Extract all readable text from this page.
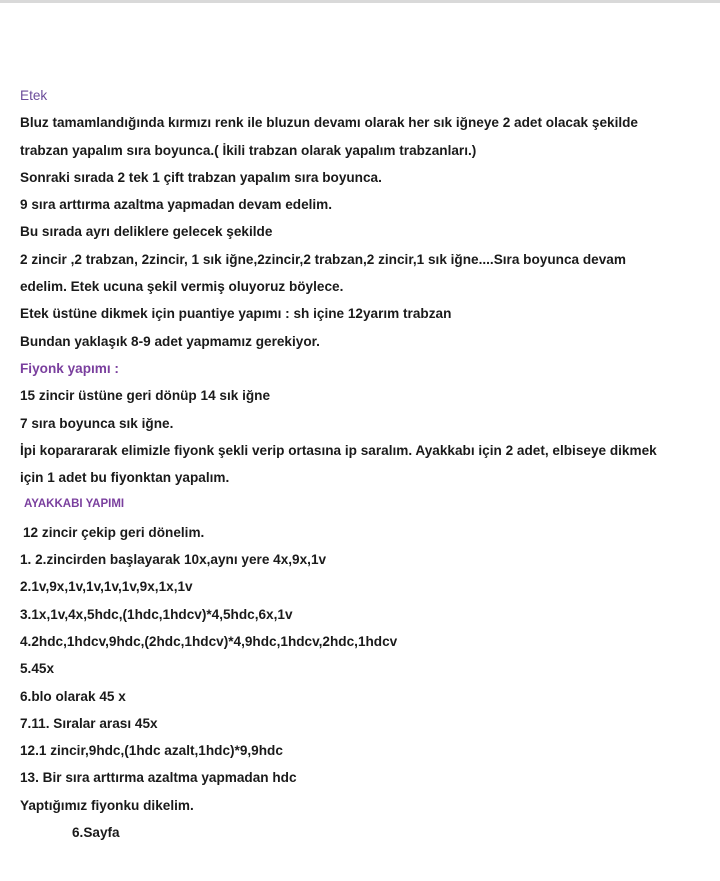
Etek
Bluz tamamlandığında kırmızı renk ile bluzun devamı olarak her sık iğneye 2 adet olacak şekilde
trabzan yapalım sıra boyunca.( İkili trabzan olarak yapalım trabzanları.)
Sonraki sırada 2 tek 1 çift trabzan yapalım sıra boyunca.
9 sıra arttırma azaltma yapmadan devam edelim.
Bu sırada ayrı deliklere gelecek şekilde
2 zincir ,2 trabzan, 2zincir, 1 sık iğne,2zincir,2 trabzan,2 zincir,1 sık iğne....Sıra boyunca devam
edelim. Etek ucuna şekil vermiş oluyoruz böylece.
Etek üstüne dikmek için puantiye yapımı : sh içine 12yarım trabzan
Bundan yaklaşık 8-9 adet yapmamız gerekiyor.
Fiyonk yapımı :
15 zincir üstüne geri dönüp 14 sık iğne
7 sıra boyunca sık iğne.
İpi koparararak elimizle fiyonk şekli verip ortasına ip saralım. Ayakkabı için 2 adet, elbiseye dikmek
için 1 adet bu fiyonktan yapalım.
AYAKKABI YAPIMI
12 zincir çekip geri dönelim.
1. 2.zincirden başlayarak 10x,aynı yere 4x,9x,1v
2.1v,9x,1v,1v,1v,1v,9x,1x,1v
3.1x,1v,4x,5hdc,(1hdc,1hdcv)*4,5hdc,6x,1v
4.2hdc,1hdcv,9hdc,(2hdc,1hdcv)*4,9hdc,1hdcv,2hdc,1hdcv
5.45x
6.blo olarak 45 x
7.11. Sıralar arası 45x
12.1 zincir,9hdc,(1hdc azalt,1hdc)*9,9hdc
13. Bir sıra arttırma azaltma yapmadan hdc
Yaptığımız fiyonku dikelim.
6.Sayfa
